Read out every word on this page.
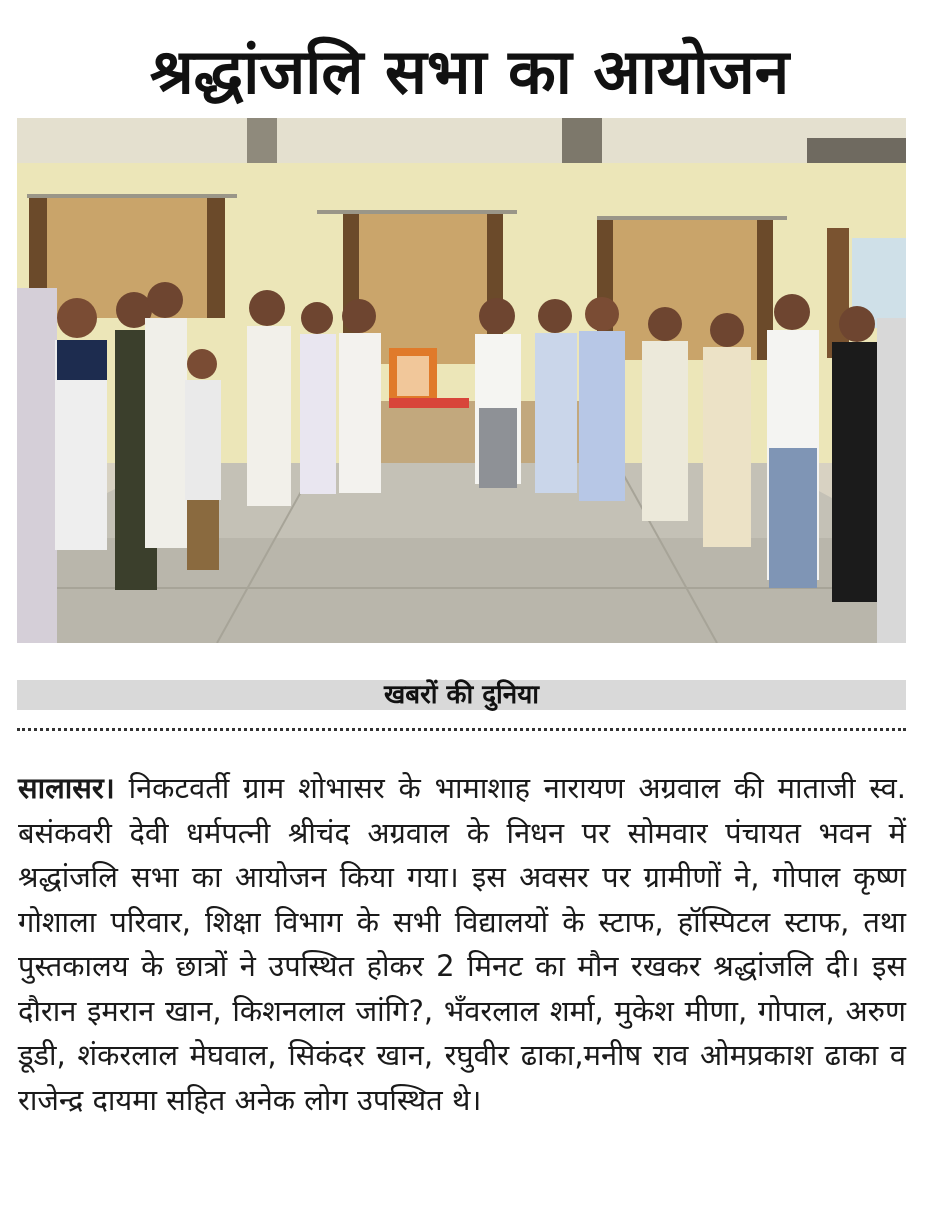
श्रद्धांजलि सभा का आयोजन
खबरों की दुनिया
सालासर। निकटवर्ती ग्राम शोभासर के भामाशाह नारायण अग्रवाल की माताजी स्व. बसंकवरी देवी धर्मपत्नी श्रीचंद अग्रवाल के निधन पर सोमवार पंचायत भवन में श्रद्धांजलि सभा का आयोजन किया गया। इस अवसर पर ग्रामीणों ने, गोपाल कृष्ण गोशाला परिवार, शिक्षा विभाग के सभी विद्यालयों के स्टाफ, हॉस्पिटल स्टाफ, तथा पुस्तकालय के छात्रों ने उपस्थित होकर 2 मिनट का मौन रखकर श्रद्धांजलि दी। इस दौरान इमरान खान, किशनलाल जांगि?, भँवरलाल शर्मा, मुकेश मीणा, गोपाल, अरुण डूडी, शंकरलाल मेघवाल, सिकंदर खान, रघुवीर ढाका,मनीष राव ओमप्रकाश ढाका व राजेन्द्र दायमा सहित अनेक लोग उपस्थित थे।
